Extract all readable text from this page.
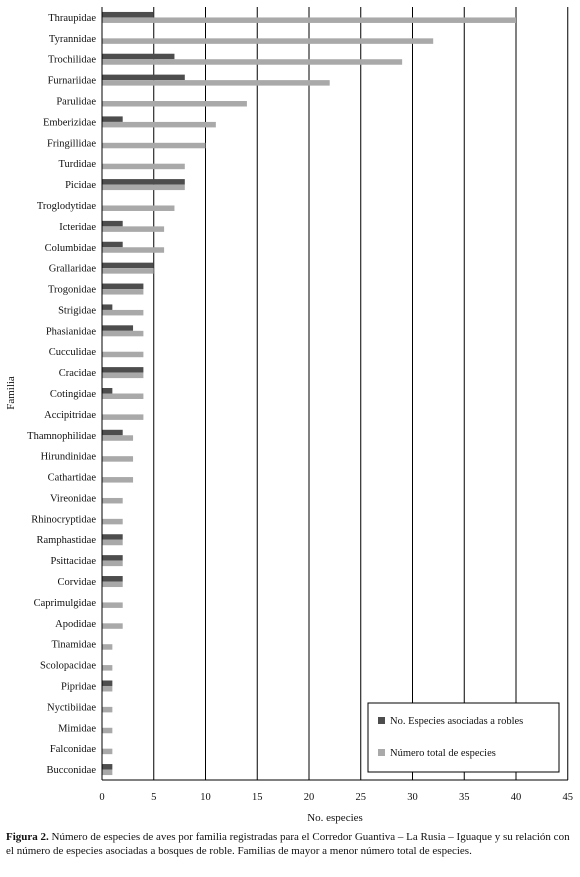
Thraupidae
Tyrannidae
Trochilidae
Furnariidae
Parulidae
Emberizidae
Fringillidae
Turdidae
Picidae
Troglodytidae
Icteridae
Columbidae
Grallaridae
Trogonidae
Strigidae
Phasianidae
Cucculidae
Cracidae
Cotingidae
Accipitridae
Thamnophilidae
Hirundinidae
Cathartidae
Vireonidae
Rhinocryptidae
Ramphastidae
Psittacidae
Corvidae
Caprimulgidae
Apodidae
Tinamidae
Scolopacidae
Pipridae
Nyctibiidae
Mimidae
Falconidae
Bucconidae
0	5	10	15	20	25	30	35	40	45
No. especies
Familia
No. Especies asociadas a robles
Número total de especies
Figura 2. Número de especies de aves por familia registradas para el Corredor Guantiva – La Rusia – Iguaque y su relación con el número de especies asociadas a bosques de roble. Familias de mayor a menor número total de especies.
